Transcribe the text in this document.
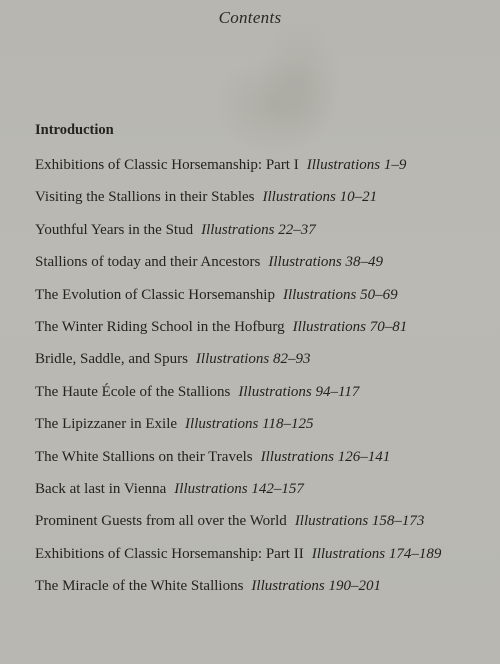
Contents
Introduction
Exhibitions of Classic Horsemanship: Part I Illustrations 1–9
Visiting the Stallions in their Stables Illustrations 10–21
Youthful Years in the Stud Illustrations 22–37
Stallions of today and their Ancestors Illustrations 38–49
The Evolution of Classic Horsemanship Illustrations 50–69
The Winter Riding School in the Hofburg Illustrations 70–81
Bridle, Saddle, and Spurs Illustrations 82–93
The Haute École of the Stallions Illustrations 94–117
The Lipizzaner in Exile Illustrations 118–125
The White Stallions on their Travels Illustrations 126–141
Back at last in Vienna Illustrations 142–157
Prominent Guests from all over the World Illustrations 158–173
Exhibitions of Classic Horsemanship: Part II Illustrations 174–189
The Miracle of the White Stallions Illustrations 190–201
